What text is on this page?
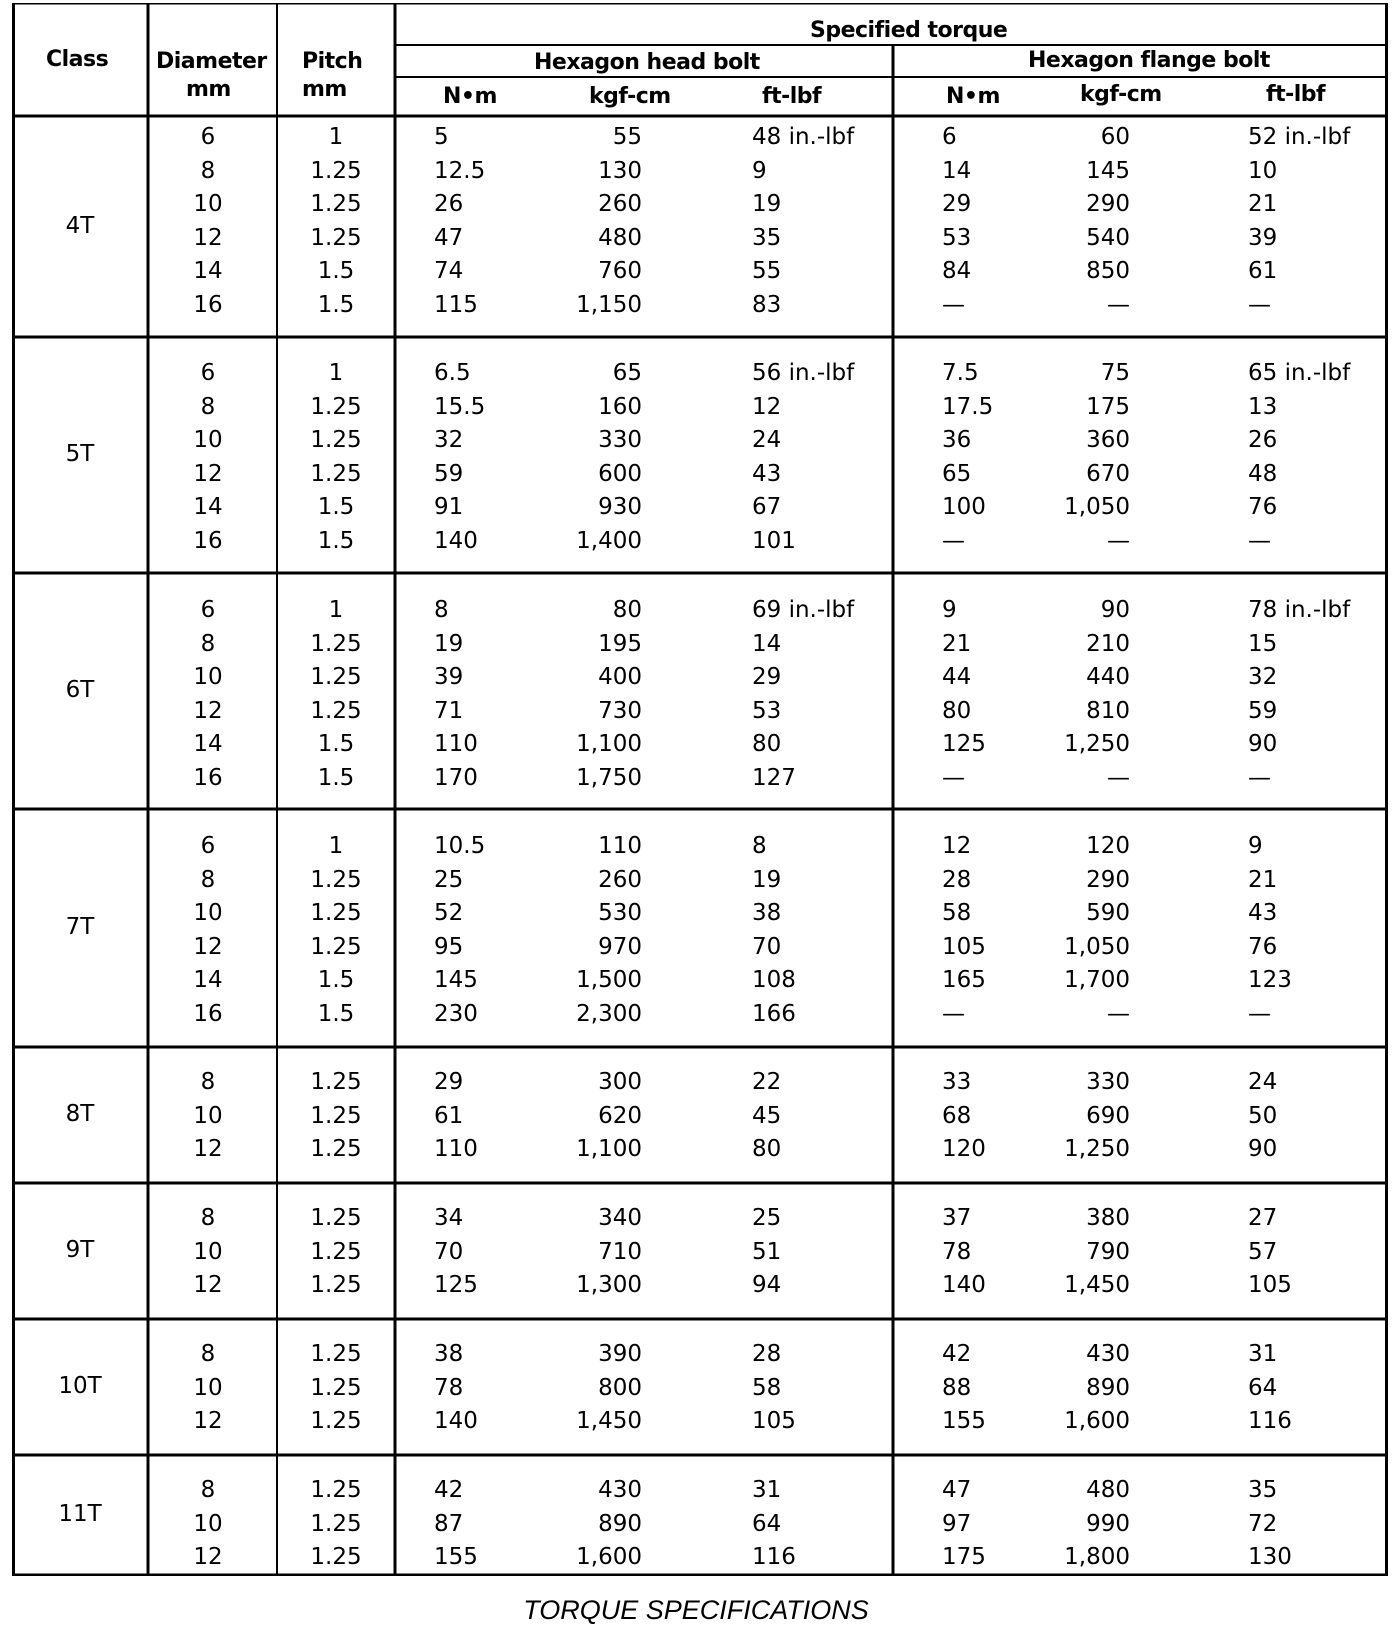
Class Diameter
mm
Pitch
mm
Specified torque
Hexagon head bolt	Hexagon flange bolt
N•m	kgf-cm	ft-lbf	N•m	kgf-cm	ft-lbf
4T
6	1	5	55	48 in.-lbf	6	60	52 in.-lbf
8	1.25	12.5	130	9	14	145	10
10	1.25	26	260	19	29	290	21
12	1.25	47	480	35	53	540	39
14	1.5	74	760	55	84	850	61
16	1.5	115	1,150	83	—	—	—
5T
6	1	6.5	65	56 in.-lbf	7.5	75	65 in.-lbf
8	1.25	15.5	160	12	17.5	175	13
10	1.25	32	330	24	36	360	26
12	1.25	59	600	43	65	670	48
14	1.5	91	930	67	100	1,050	76
16	1.5	140	1,400	101	—	—	—
6T
6	1	8	80	69 in.-lbf	9	90	78 in.-lbf
8	1.25	19	195	14	21	210	15
10	1.25	39	400	29	44	440	32
12	1.25	71	730	53	80	810	59
14	1.5	110	1,100	80	125	1,250	90
16	1.5	170	1,750	127	—	—	—
7T
6	1	10.5	110	8	12	120	9
8	1.25	25	260	19	28	290	21
10	1.25	52	530	38	58	590	43
12	1.25	95	970	70	105	1,050	76
14	1.5	145	1,500	108	165	1,700	123
16	1.5	230	2,300	166	—	—	—
8T
8	1.25	29	300	22	33	330	24
10	1.25	61	620	45	68	690	50
12	1.25	110	1,100	80	120	1,250	90
9T
8	1.25	34	340	25	37	380	27
10	1.25	70	710	51	78	790	57
12	1.25	125	1,300	94	140	1,450	105
10T
8	1.25	38	390	28	42	430	31
10	1.25	78	800	58	88	890	64
12	1.25	140	1,450	105	155	1,600	116
11T
8	1.25	42	430	31	47	480	35
10	1.25	87	890	64	97	990	72
12	1.25	155	1,600	116	175	1,800	130
TORQUE SPECIFICATIONS
